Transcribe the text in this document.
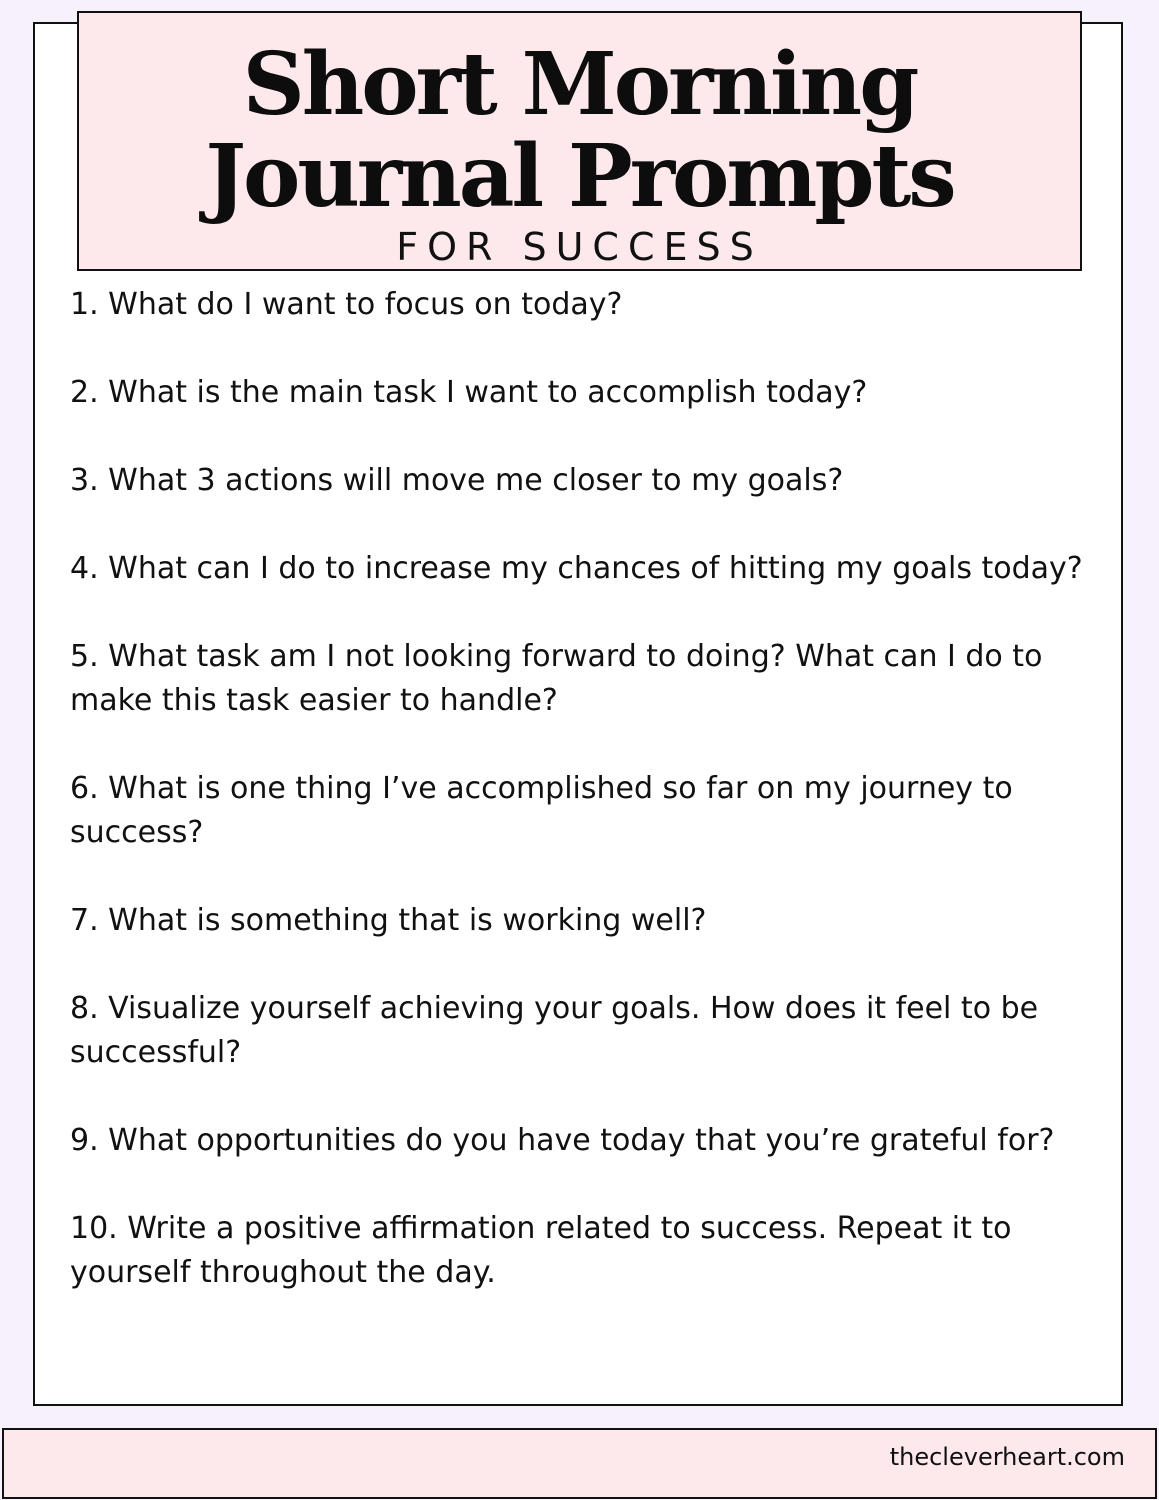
Short Morning
Journal Prompts
FOR SUCCESS
1. What do I want to focus on today?
2. What is the main task I want to accomplish today?
3. What 3 actions will move me closer to my goals?
4. What can I do to increase my chances of hitting my goals today?
5. What task am I not looking forward to doing? What can I do to make this task easier to handle?
6. What is one thing I’ve accomplished so far on my journey to success?
7. What is something that is working well?
8. Visualize yourself achieving your goals. How does it feel to be successful?
9. What opportunities do you have today that you’re grateful for?
10. Write a positive affirmation related to success. Repeat it to yourself throughout the day.
thecleverheart.com
